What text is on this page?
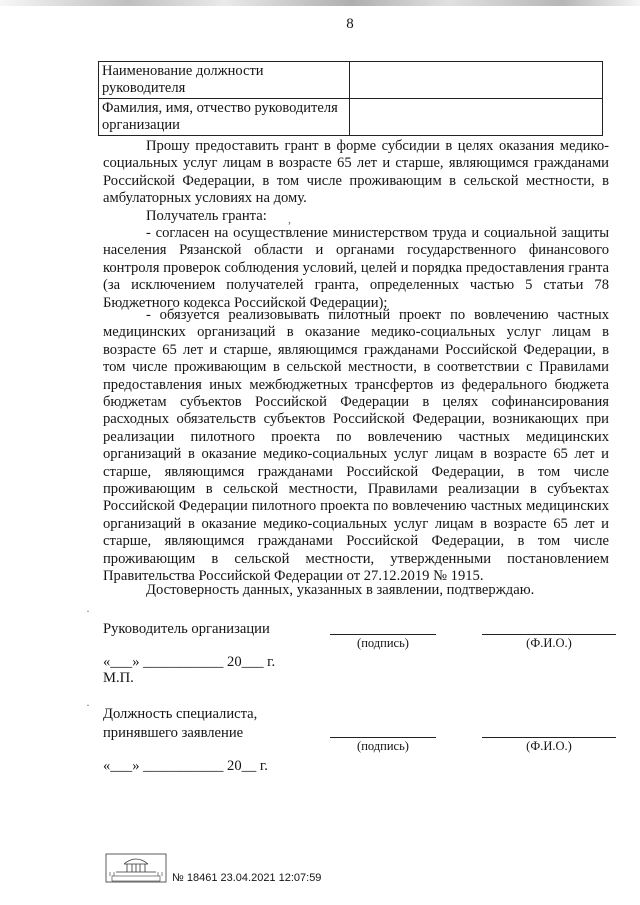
8
Наименование должности руководителя	
Фамилия, имя, отчество руководителя организации	
Прошу предоставить грант в форме субсидии в целях оказания медико-социальных услуг лицам в возрасте 65 лет и старше, являющимся гражданами Российской Федерации, в том числе проживающим в сельской местности, в амбулаторных условиях на дому.
Получатель гранта:
- согласен на осуществление министерством труда и социальной защиты населения Рязанской области и органами государственного финансового контроля проверок соблюдения условий, целей и порядка предоставления гранта (за исключением получателей гранта, определенных частью 5 статьи 78 Бюджетного кодекса Российской Федерации);
- обязуется реализовывать пилотный проект по вовлечению частных медицинских организаций в оказание медико-социальных услуг лицам в возрасте 65 лет и старше, являющимся гражданами Российской Федерации, в том числе проживающим в сельской местности, в соответствии с Правилами предоставления иных межбюджетных трансфертов из федерального бюджета бюджетам субъектов Российской Федерации в целях софинансирования расходных обязательств субъектов Российской Федерации, возникающих при реализации пилотного проекта по вовлечению частных медицинских организаций в оказание медико-социальных услуг лицам в возрасте 65 лет и старше, являющимся гражданами Российской Федерации, в том числе проживающим в сельской местности, Правилами реализации в субъектах Российской Федерации пилотного проекта по вовлечению частных медицинских организаций в оказание медико-социальных услуг лицам в возрасте 65 лет и старше, являющимся гражданами Российской Федерации, в том числе проживающим в сельской местности, утвержденными постановлением Правительства Российской Федерации от 27.12.2019 № 1915.
Достоверность данных, указанных в заявлении, подтверждаю.
Руководитель организации
(подпись)	(Ф.И.О.)
«___» ___________ 20___ г.
М.П.
Должность специалиста,
принявшего заявление
(подпись)	(Ф.И.О.)
«___» ___________ 20__ г.
,
·
·
№ 18461 23.04.2021 12:07:59
